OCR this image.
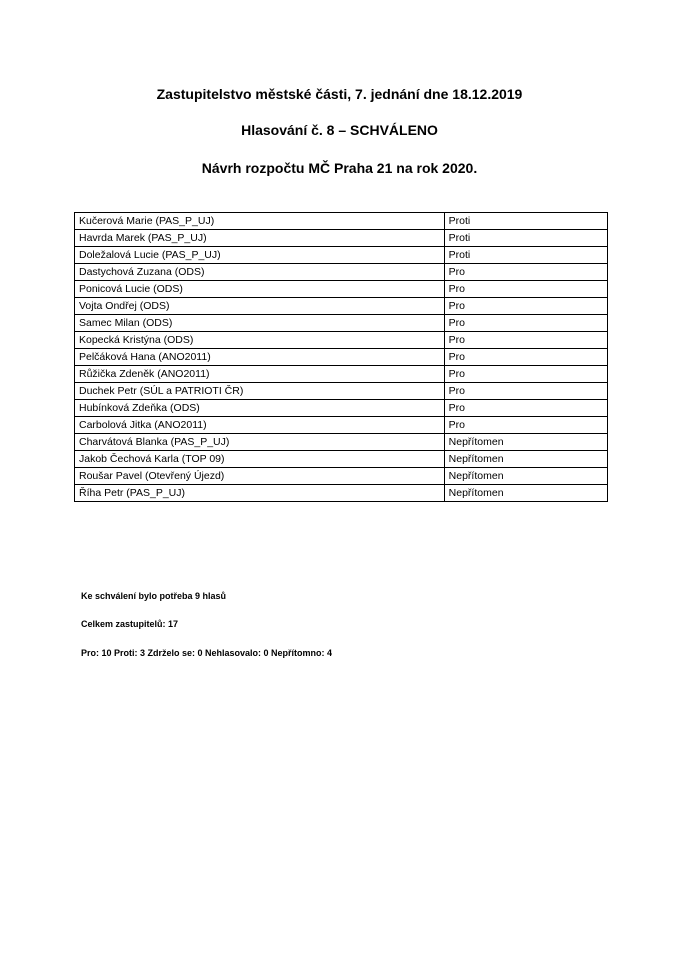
Zastupitelstvo městské části, 7. jednání dne 18.12.2019
Hlasování č. 8 – SCHVÁLENO
Návrh rozpočtu MČ Praha 21 na rok 2020.
Kučerová Marie (PAS_P_UJ)	Proti
Havrda Marek (PAS_P_UJ)	Proti
Doležalová Lucie (PAS_P_UJ)	Proti
Dastychová Zuzana (ODS)	Pro
Ponicová Lucie (ODS)	Pro
Vojta Ondřej (ODS)	Pro
Samec Milan (ODS)	Pro
Kopecká Kristýna (ODS)	Pro
Pelčáková Hana (ANO2011)	Pro
Růžička Zdeněk (ANO2011)	Pro
Duchek Petr (SÚL a PATRIOTI ČR)	Pro
Hubínková Zdeňka (ODS)	Pro
Carbolová Jitka (ANO2011)	Pro
Charvátová Blanka (PAS_P_UJ)	Nepřítomen
Jakob Čechová Karla (TOP 09)	Nepřítomen
Roušar Pavel (Otevřený Újezd)	Nepřítomen
Říha Petr (PAS_P_UJ)	Nepřítomen
Ke schválení bylo potřeba 9 hlasů
Celkem zastupitelů: 17
Pro: 10 Proti: 3 Zdrželo se: 0 Nehlasovalo: 0 Nepřítomno: 4
